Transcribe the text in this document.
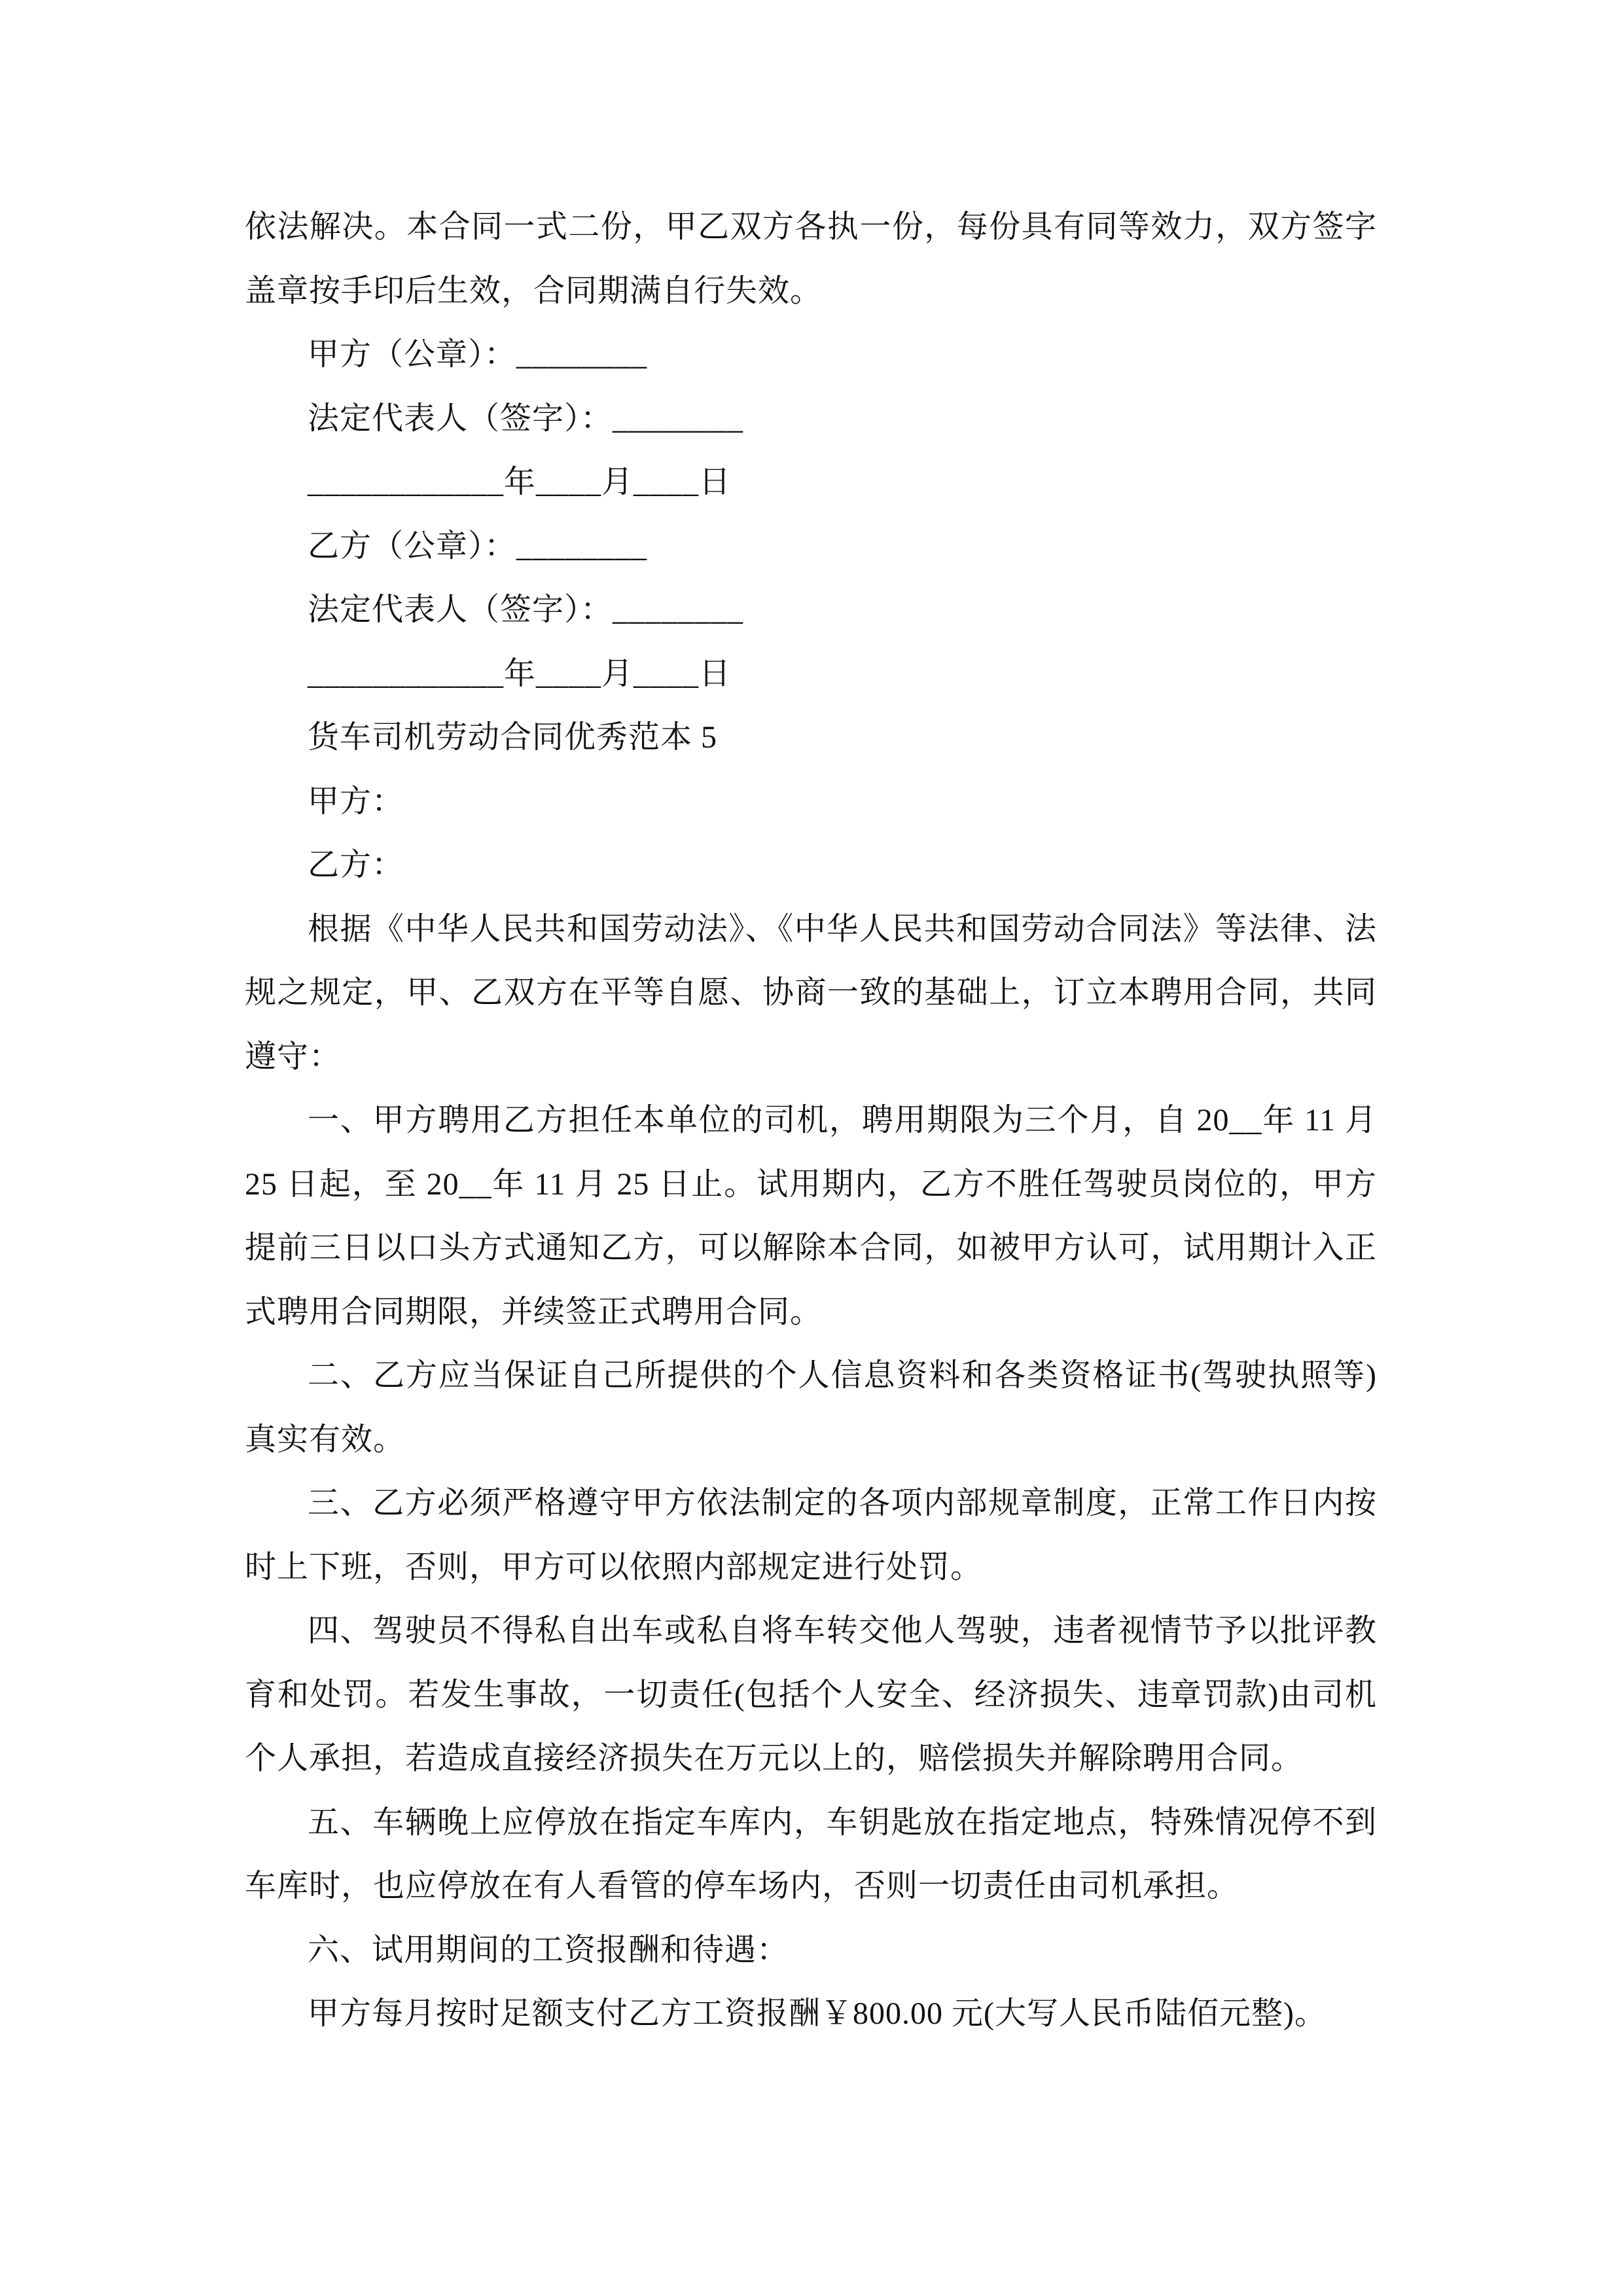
依法解决。本合同一式二份，甲乙双方各执一份，每份具有同等效力，双方签字
盖章按手印后生效，合同期满自行失效。
甲方（公章）：________
法定代表人（签字）：________
____________年____月____日
乙方（公章）：________
法定代表人（签字）：________
____________年____月____日
货车司机劳动合同优秀范本 5
甲方：
乙方：
根据《中华人民共和国劳动法》、《中华人民共和国劳动合同法》等法律、法
规之规定，甲、乙双方在平等自愿、协商一致的基础上，订立本聘用合同，共同
遵守：
一、甲方聘用乙方担任本单位的司机，聘用期限为三个月，自 20__年 11 月
25 日起，至 20__年 11 月 25 日止。试用期内，乙方不胜任驾驶员岗位的，甲方
提前三日以口头方式通知乙方，可以解除本合同，如被甲方认可，试用期计入正
式聘用合同期限，并续签正式聘用合同。
二、乙方应当保证自己所提供的个人信息资料和各类资格证书(驾驶执照等)
真实有效。
三、乙方必须严格遵守甲方依法制定的各项内部规章制度，正常工作日内按
时上下班，否则，甲方可以依照内部规定进行处罚。
四、驾驶员不得私自出车或私自将车转交他人驾驶，违者视情节予以批评教
育和处罚。若发生事故，一切责任(包括个人安全、经济损失、违章罚款)由司机
个人承担，若造成直接经济损失在万元以上的，赔偿损失并解除聘用合同。
五、车辆晚上应停放在指定车库内，车钥匙放在指定地点，特殊情况停不到
车库时，也应停放在有人看管的停车场内，否则一切责任由司机承担。
六、试用期间的工资报酬和待遇：
甲方每月按时足额支付乙方工资报酬￥800.00 元(大写人民币陆佰元整)。
